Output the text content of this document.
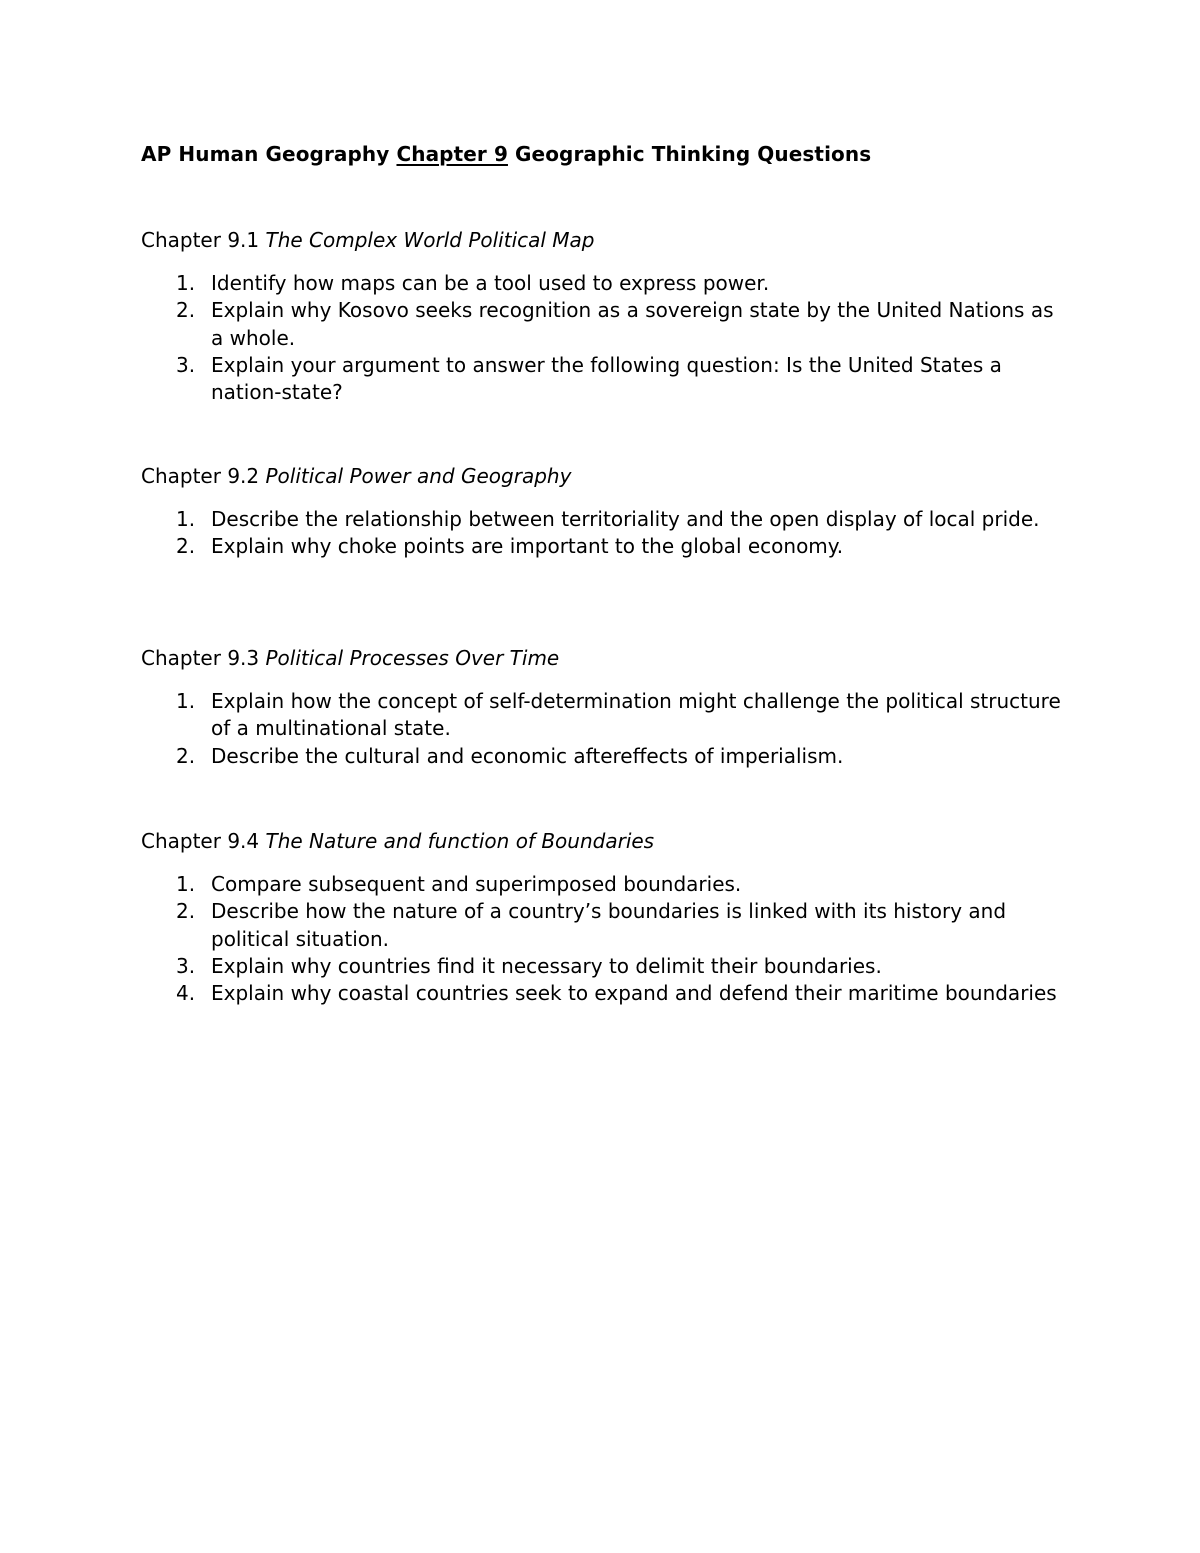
AP Human Geography Chapter 9 Geographic Thinking Questions

Chapter 9.1 The Complex World Political Map

1. Identify how maps can be a tool used to express power.
2. Explain why Kosovo seeks recognition as a sovereign state by the United Nations as a whole.
3. Explain your argument to answer the following question: Is the United States a nation-state?

Chapter 9.2 Political Power and Geography

1. Describe the relationship between territoriality and the open display of local pride.
2. Explain why choke points are important to the global economy.

Chapter 9.3 Political Processes Over Time

1. Explain how the concept of self-determination might challenge the political structure of a multinational state.
2. Describe the cultural and economic aftereffects of imperialism.

Chapter 9.4 The Nature and function of Boundaries

1. Compare subsequent and superimposed boundaries.
2. Describe how the nature of a country’s boundaries is linked with its history and political situation.
3. Explain why countries find it necessary to delimit their boundaries.
4. Explain why coastal countries seek to expand and defend their maritime boundaries
